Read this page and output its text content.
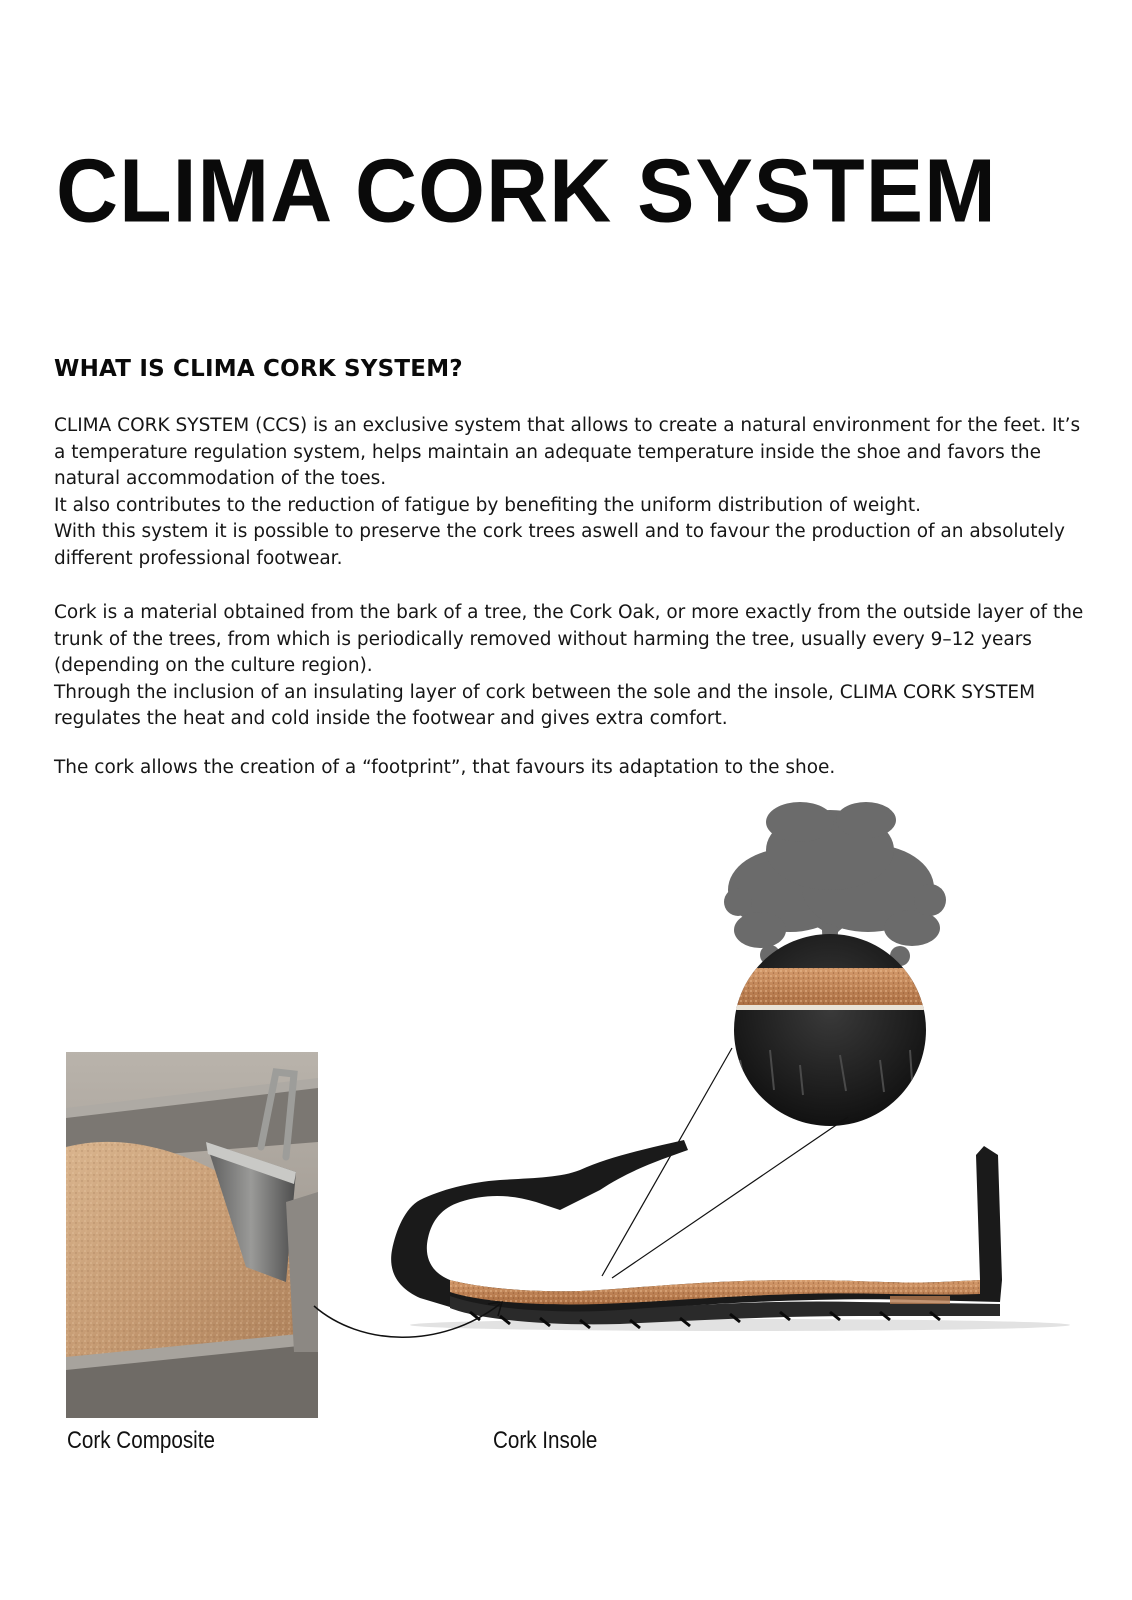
CLIMA CORK SYSTEM
WHAT IS CLIMA CORK SYSTEM?

CLIMA CORK SYSTEM (CCS) is an exclusive system that allows to create a natural environment for the feet. It’s a temperature regulation system, helps maintain an adequate temperature inside the shoe and favors the natural accommodation of the toes.

It also contributes to the reduction of fatigue by benefiting the uniform distribution of weight.

With this system it is possible to preserve the cork trees aswell and to favour the production of an absolutely different professional footwear.

Cork is a material obtained from the bark of a tree, the Cork Oak, or more exactly from the outside layer of the trunk of the trees, from which is periodically removed without harming the tree, usually every 9–12 years (depending on the culture region).

Through the inclusion of an insulating layer of cork between the sole and the insole, CLIMA CORK SYSTEM regulates the heat and cold inside the footwear and gives extra comfort.

The cork allows the creation of a “footprint”, that favours its adaptation to the shoe.

Cork Composite	Cork Insole
